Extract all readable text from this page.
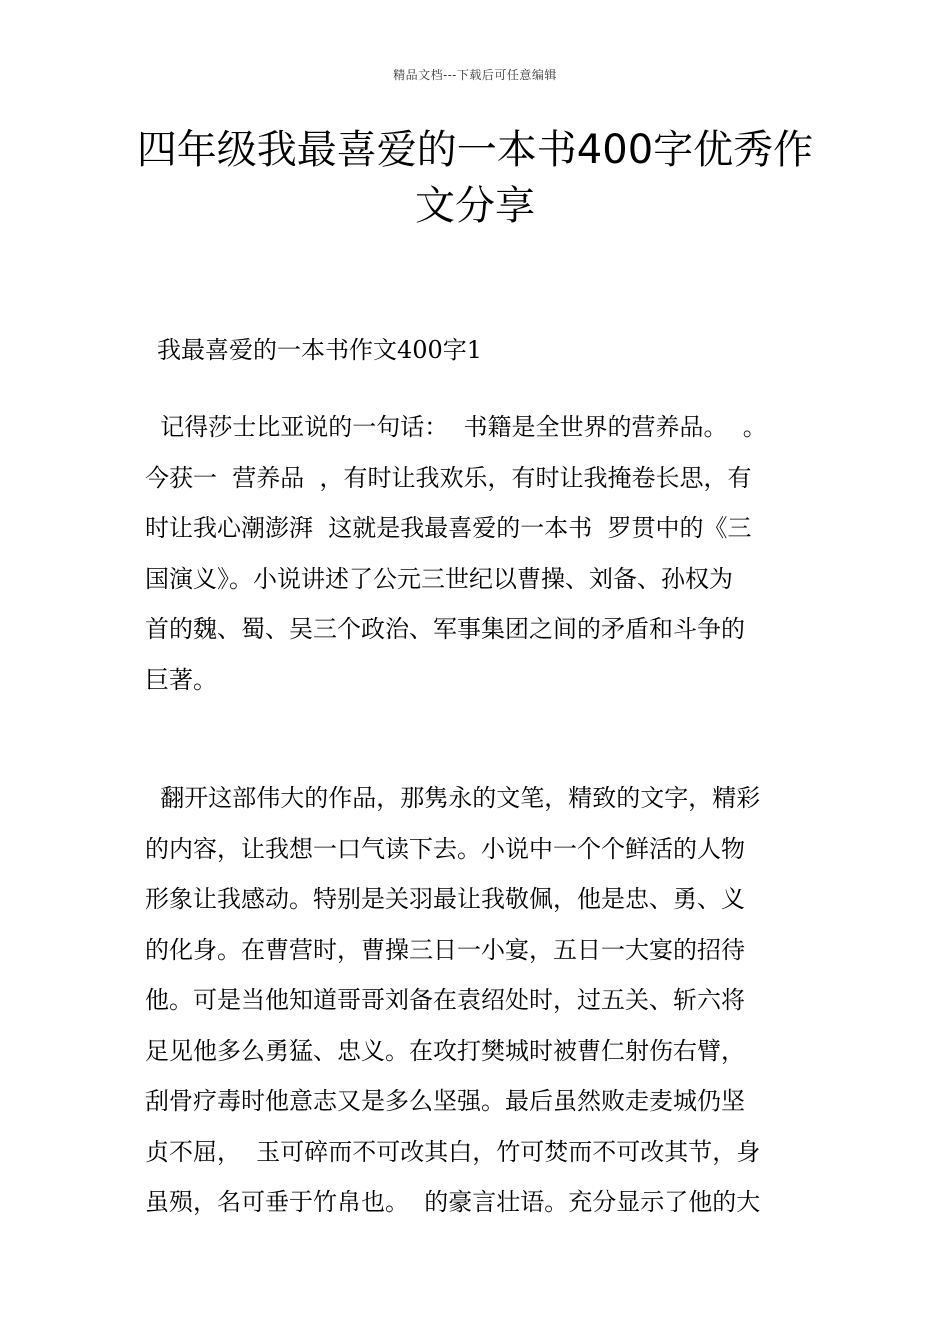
精品文档---下载后可任意编辑
四年级我最喜爱的一本书400字优秀作
文分享

我最喜爱的一本书作文400字1

记得莎士比亚说的一句话：  书籍是全世界的营养品。  。
今获一  营养品  ，有时让我欢乐，有时让我掩卷长思，有
时让我心潮澎湃  这就是我最喜爱的一本书  罗贯中的《三
国演义》。小说讲述了公元三世纪以曹操、刘备、孙权为
首的魏、蜀、吴三个政治、军事集团之间的矛盾和斗争的
巨著。

翻开这部伟大的作品，那隽永的文笔，精致的文字，精彩
的内容，让我想一口气读下去。小说中一个个鲜活的人物
形象让我感动。特别是关羽最让我敬佩，他是忠、勇、义
的化身。在曹营时，曹操三日一小宴，五日一大宴的招待
他。可是当他知道哥哥刘备在袁绍处时，过五关、斩六将
足见他多么勇猛、忠义。在攻打樊城时被曹仁射伤右臂，
刮骨疗毒时他意志又是多么坚强。最后虽然败走麦城仍坚
贞不屈，  玉可碎而不可改其白，竹可焚而不可改其节，身
虽殒，名可垂于竹帛也。  的豪言壮语。充分显示了他的大
